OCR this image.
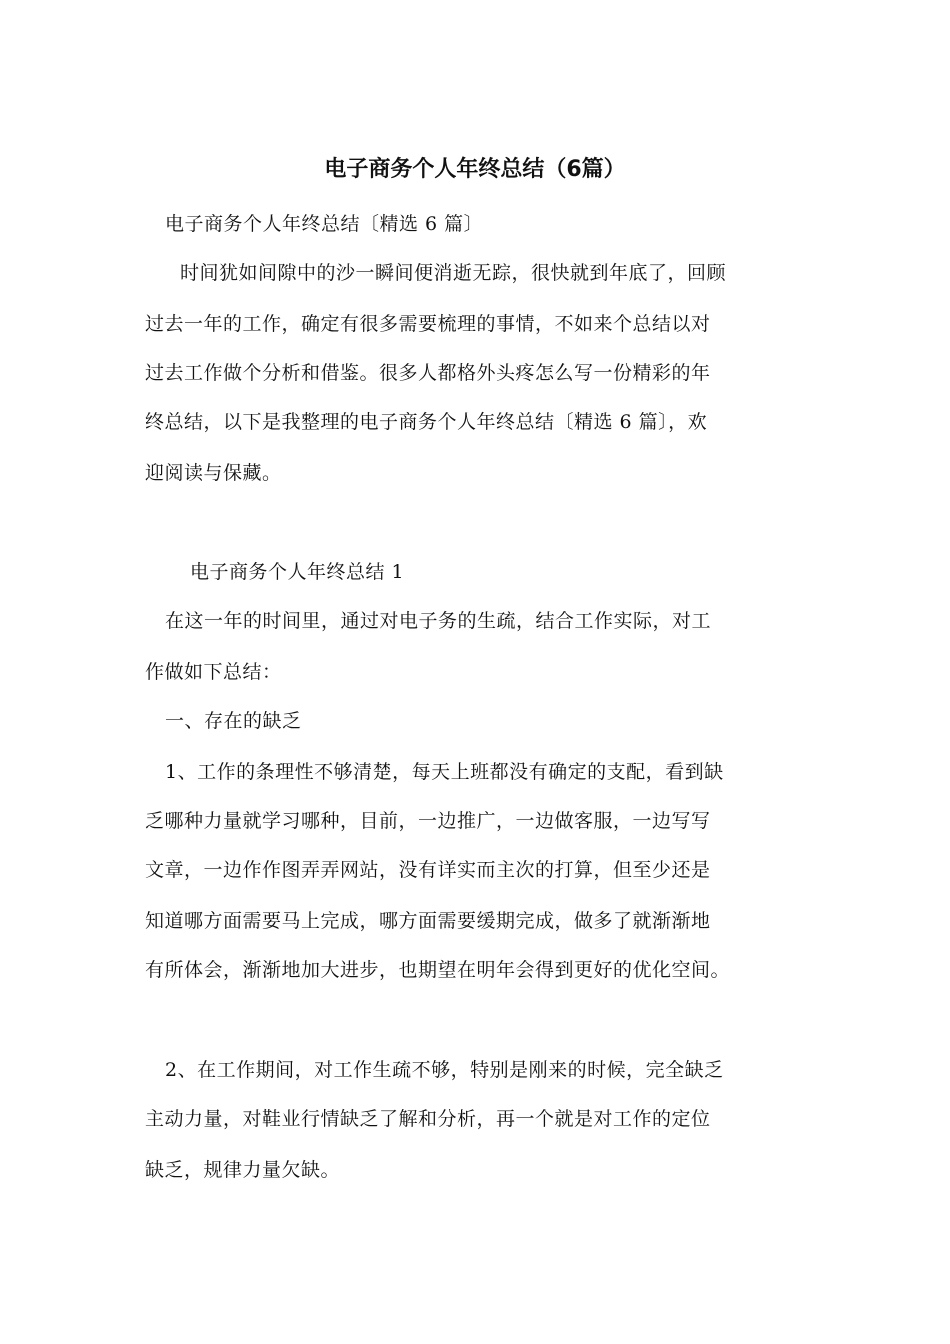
电子商务个人年终总结（6篇）
电子商务个人年终总结〔精选 6 篇〕
时间犹如间隙中的沙一瞬间便消逝无踪，很快就到年底了，回顾
过去一年的工作，确定有很多需要梳理的事情，不如来个总结以对
过去工作做个分析和借鉴。很多人都格外头疼怎么写一份精彩的年
终总结，以下是我整理的电子商务个人年终总结〔精选 6 篇〕，欢
迎阅读与保藏。
电子商务个人年终总结 1
在这一年的时间里，通过对电子务的生疏，结合工作实际，对工
作做如下总结：
一、存在的缺乏
1、工作的条理性不够清楚，每天上班都没有确定的支配，看到缺
乏哪种力量就学习哪种，目前，一边推广，一边做客服，一边写写
文章，一边作作图弄弄网站，没有详实而主次的打算，但至少还是
知道哪方面需要马上完成，哪方面需要缓期完成，做多了就渐渐地
有所体会，渐渐地加大进步，也期望在明年会得到更好的优化空间。
2、在工作期间，对工作生疏不够，特别是刚来的时候，完全缺乏
主动力量，对鞋业行情缺乏了解和分析，再一个就是对工作的定位
缺乏，规律力量欠缺。
